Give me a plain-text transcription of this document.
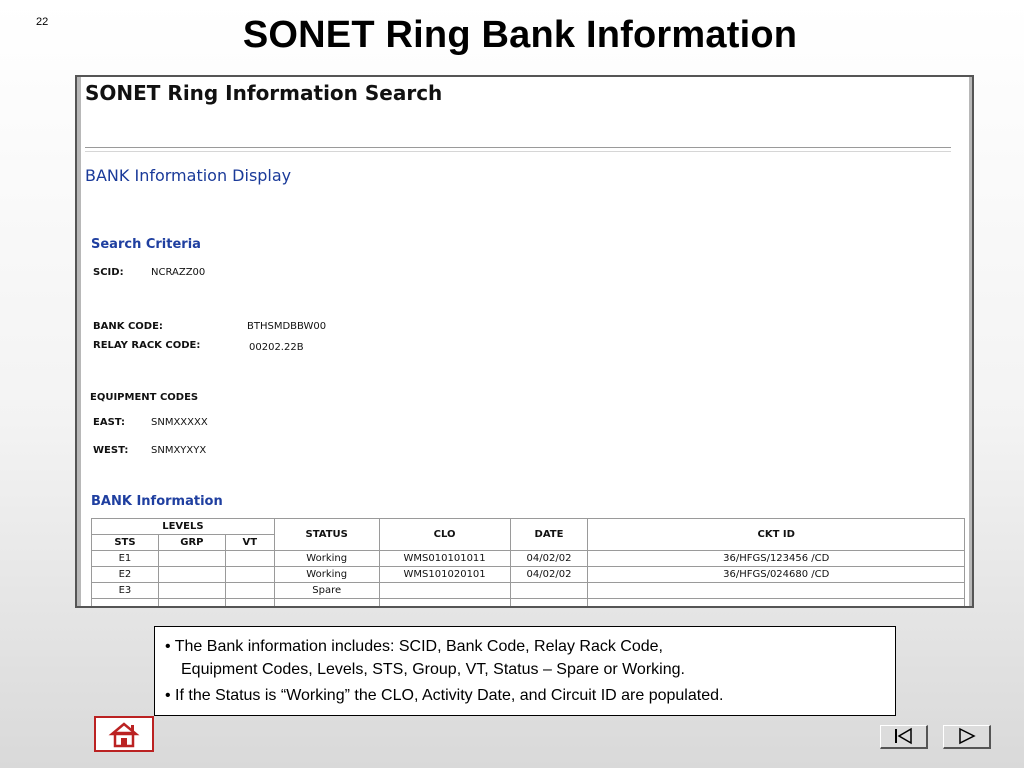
22	SONET Ring Bank Information
SONET Ring Information Search
BANK Information Display
Search Criteria
SCID:	NCRAZZ00
BANK CODE:	BTHSMDBBW00
RELAY RACK CODE:	00202.22B
EQUIPMENT CODES
EAST:	SNMXXXXX
WEST: SNMXYXYX
BANK Information
LEVELS			STATUS	CLO	DATE	CKT ID
STS	GRP	VT				
E1			Working	WMS010101011	04/02/02	36/HFGS/123456 /CD
E2			Working	WMS101020101	04/02/02	36/HFGS/024680 /CD
E3			Spare			

• The Bank information includes: SCID, Bank Code, Relay Rack Code,
Equipment Codes, Levels, STS, Group, VT, Status – Spare or Working.
• If the Status is “Working” the CLO, Activity Date, and Circuit ID are populated.
